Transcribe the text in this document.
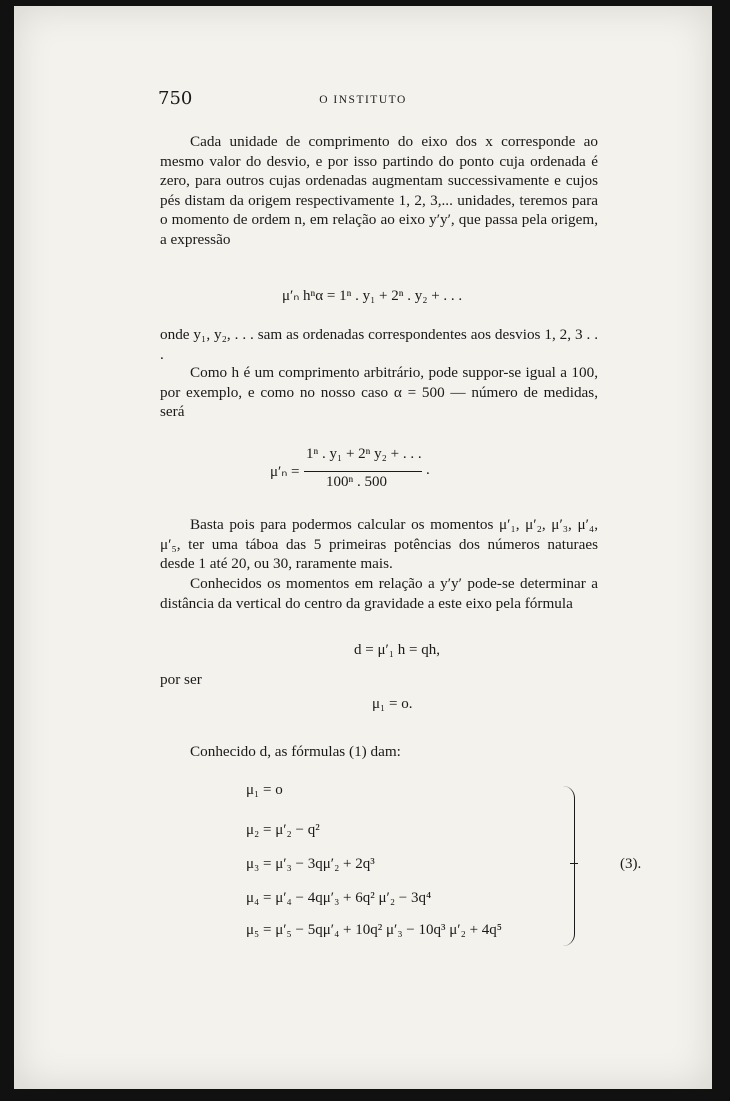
750	O INSTITUTO
Cada unidade de comprimento do eixo dos x corresponde ao mesmo valor do desvio, e por isso partindo do ponto cuja ordenada é zero, para outros cujas ordenadas augmentam successivamente e cujos pés distam da origem respectivamente 1, 2, 3,... unidades, teremos para o momento de ordem n, em relação ao eixo y′y′, que passa pela origem, a expressão
μ′ₙ hⁿα = 1ⁿ . y₁ + 2ⁿ . y₂ + . . .
onde y₁, y₂, . . . sam as ordenadas correspondentes aos desvios 1, 2, 3 . . .
Como h é um comprimento arbitrário, pode suppor-se igual a 100, por exemplo, e como no nosso caso α = 500 — número de medidas, será
μ′ₙ =
1ⁿ . y₁ + 2ⁿ y₂ + . . .
100ⁿ . 500
.
Basta pois para podermos calcular os momentos μ′₁, μ′₂, μ′₃, μ′₄, μ′₅, ter uma táboa das 5 primeiras potências dos números naturaes desde 1 até 20, ou 30, raramente mais.
Conhecidos os momentos em relação a y′y′ pode-se determinar a distância da vertical do centro da gravidade a este eixo pela fórmula
d = μ′₁ h = qh,
por ser
μ₁ = o.
Conhecido d, as fórmulas (1) dam:
μ₁ = o
μ₂ = μ′₂ − q²
μ₃ = μ′₃ − 3qμ′₂ + 2q³
μ₄ = μ′₄ − 4qμ′₃ + 6q² μ′₂ − 3q⁴
μ₅ = μ′₅ − 5qμ′₄ + 10q² μ′₃ − 10q³ μ′₂ + 4q⁵
(3).
